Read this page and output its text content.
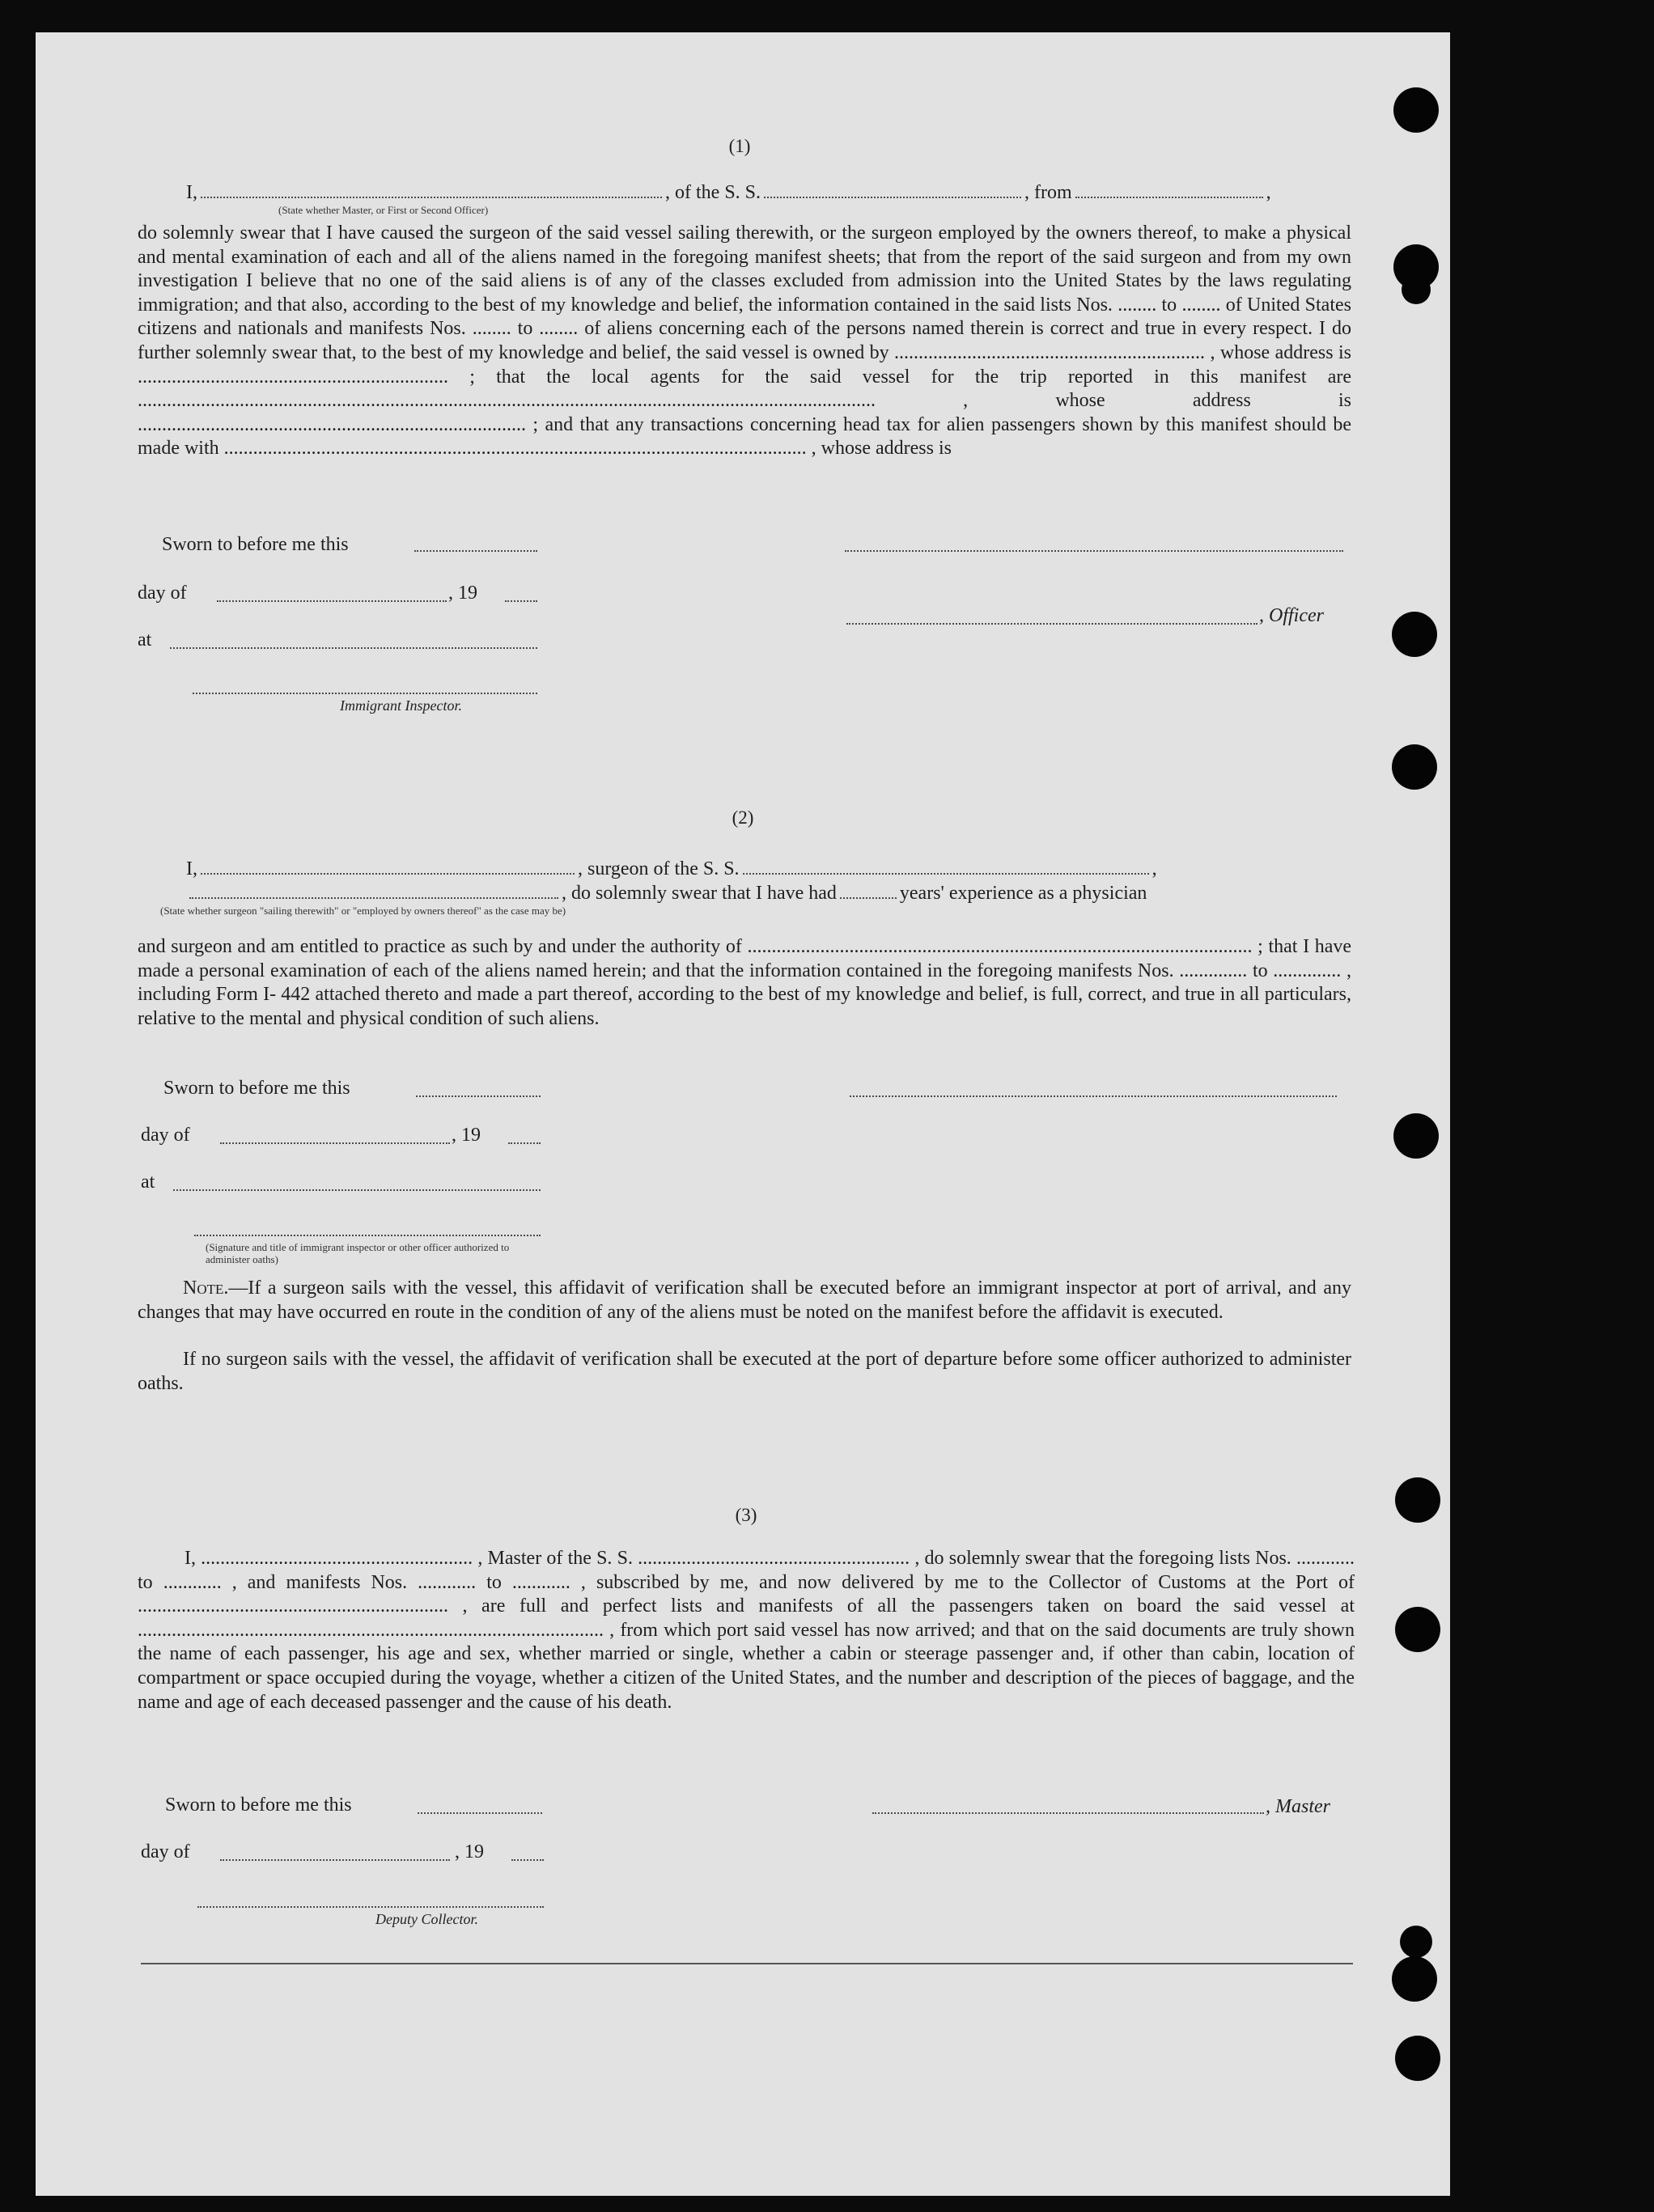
(1)
I,	, of the S. S.	, from	,
(State whether Master, or First or Second Officer)
do solemnly swear that I have caused the surgeon of the said vessel sailing therewith, or the surgeon employed by the owners thereof, to make a physical and mental examination of each and all of the aliens named in the foregoing manifest sheets; that from the report of the said surgeon and from my own investigation I believe that no one of the said aliens is of any of the classes excluded from admission into the United States by the laws regulating immigration; and that also, according to the best of my knowledge and belief, the information contained in the said lists Nos. ........ to ........ of United States citizens and nationals and manifests Nos. ........ to ........ of aliens concerning each of the persons named therein is correct and true in every respect. I do further solemnly swear that, to the best of my knowledge and belief, the said vessel is owned by ................................................................ , whose address is ................................................................ ; that the local agents for the said vessel for the trip reported in this manifest are ........................................................................................................................................................ , whose address is ................................................................................ ; and that any transactions concerning head tax for alien passengers shown by this manifest should be made with ........................................................................................................................ , whose address is
Sworn to before me this
day of	, 19
, Officer
at
Immigrant Inspector.
(2)
I,	, surgeon of the S. S.	,
, do solemnly swear that I have had	years' experience as a physician
(State whether surgeon "sailing therewith" or "employed by owners thereof" as the case may be)
and surgeon and am entitled to practice as such by and under the authority of ........................................................................................................ ; that I have made a personal examination of each of the aliens named herein; and that the information contained in the foregoing manifests Nos. .............. to .............. , including Form I- 442 attached thereto and made a part thereof, according to the best of my knowledge and belief, is full, correct, and true in all particulars, relative to the mental and physical condition of such aliens.
Sworn to before me this
day of	, 19
at
(Signature and title of immigrant inspector or other officer authorized to administer oaths)
Note.—If a surgeon sails with the vessel, this affidavit of verification shall be executed before an immigrant inspector at port of arrival, and any changes that may have occurred en route in the condition of any of the aliens must be noted on the manifest before the affidavit is executed.
If no surgeon sails with the vessel, the affidavit of verification shall be executed at the port of departure before some officer authorized to administer oaths.
(3)
I, ........................................................ , Master of the S. S. ........................................................ , do solemnly swear that the foregoing lists Nos. ............ to ............ , and manifests Nos. ............ to ............ , subscribed by me, and now delivered by me to the Collector of Customs at the Port of ................................................................ , are full and perfect lists and manifests of all the passengers taken on board the said vessel at ................................................................................................ , from which port said vessel has now arrived; and that on the said documents are truly shown the name of each passenger, his age and sex, whether married or single, whether a cabin or steerage passenger and, if other than cabin, location of compartment or space occupied during the voyage, whether a citizen of the United States, and the number and description of the pieces of baggage, and the name and age of each deceased passenger and the cause of his death.
Sworn to before me this	, Master
day of	, 19
Deputy Collector.
